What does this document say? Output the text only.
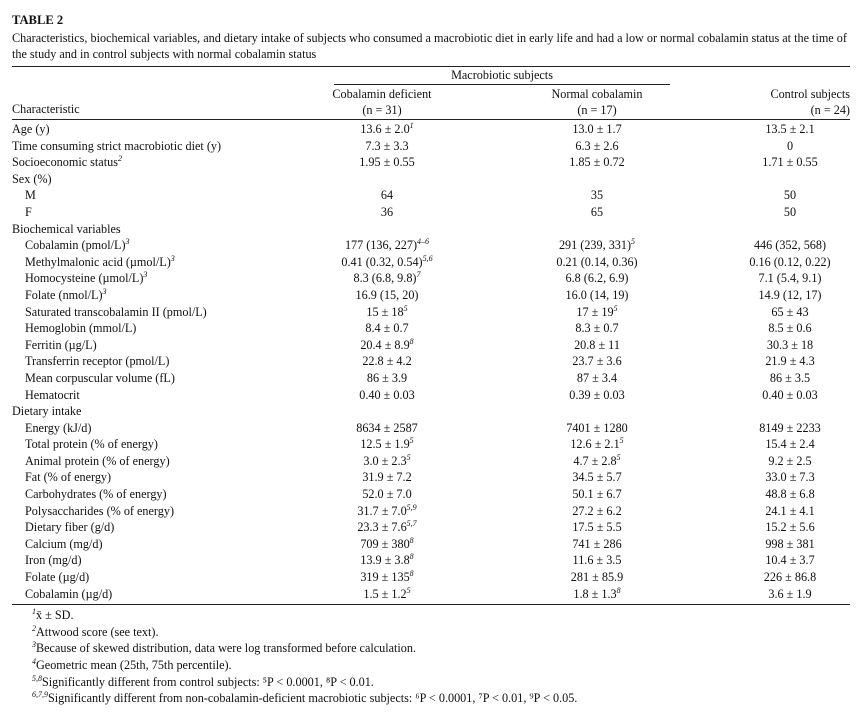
TABLE 2
Characteristics, biochemical variables, and dietary intake of subjects who consumed a macrobiotic diet in early life and had a low or normal cobalamin status at the time of the study and in control subjects with normal cobalamin status
Macrobiotic subjects
Characteristic
Cobalamin deficient
(n = 31)
Normal cobalamin
(n = 17)
Control subjects
(n = 24)
Age (y)	$13.6 \pm 2.0^1$	13.0 ± 1.7	13.5 ± 2.1
Time consuming strict macrobiotic diet (y)	7.3 ± 3.3	6.3 ± 2.6	0
Socioeconomic status$^2$	1.95 ± 0.55	1.85 ± 0.72	1.71 ± 0.55
Sex (%)
M	64	35	50
F	36	65	50
Biochemical variables
Cobalamin (pmol/L)$^3$	177 (136, 227)$^{4-6}$	291 (239, 331)$^5$	446 (352, 568)
Methylmalonic acid $(\mu mol/L)^3$	0.41 (0.32, 0.54)$^{5,6}$	0.21 (0.14, 0.36)	0.16 (0.12, 0.22)
Homocysteine $(\mu mol/L)^3$	8.3 (6.8, 9.8)$^7$	6.8 (6.2, 6.9)	7.1 (5.4, 9.1)
Folate (nmol/L)$^3$	16.9 (15, 20)	16.0 (14, 19)	14.9 (12, 17)
Saturated transcobalamin II (pmol/L)	$15 \pm 18^5$	$17 \pm 19^5$	65 ± 43
Hemoglobin (mmol/L)	8.4 ± 0.7	8.3 ± 0.7	8.5 ± 0.6
Ferritin (µg/L)	$20.4 \pm 8.9^8$	20.8 ± 11	30.3 ± 18
Transferrin receptor (pmol/L)	22.8 ± 4.2	23.7 ± 3.6	21.9 ± 4.3
Mean corpuscular volume (fL)	86 ± 3.9	87 ± 3.4	86 ± 3.5
Hematocrit	0.40 ± 0.03	0.39 ± 0.03	0.40 ± 0.03
Dietary intake
Energy (kJ/d)	8634 ± 2587	7401 ± 1280	8149 ± 2233
Total protein (% of energy)	$12.5 \pm 1.9^5$	$12.6 \pm 2.1^5$	15.4 ± 2.4
Animal protein (% of energy)	$3.0 \pm 2.3^5$	$4.7 \pm 2.8^5$	9.2 ± 2.5
Fat (% of energy)	31.9 ± 7.2	34.5 ± 5.7	33.0 ± 7.3
Carbohydrates (% of energy)	52.0 ± 7.0	50.1 ± 6.7	48.8 ± 6.8
Polysaccharides (% of energy)	$31.7 \pm 7.0^{5,9}$	27.2 ± 6.2	24.1 ± 4.1
Dietary fiber (g/d)	$23.3 \pm 7.6^{5,7}$	17.5 ± 5.5	15.2 ± 5.6
Calcium (mg/d)	$709 \pm 380^8$	741 ± 286	998 ± 381
Iron (mg/d)	$13.9 \pm 3.8^8$	11.6 ± 3.5	10.4 ± 3.7
Folate (µg/d)	$319 \pm 135^8$	281 ± 85.9	226 ± 86.8
Cobalamin (µg/d)	$1.5 \pm 1.2^5$	$1.8 \pm 1.3^8$	3.6 ± 1.9
$^1$x̄ ± SD.
$^2$Attwood score (see text).
$^3$Because of skewed distribution, data were log transformed before calculation.
$^4$Geometric mean (25th, 75th percentile).
$^{5,8}$Significantly different from control subjects: ⁵P < 0.0001, ⁸P < 0.01.
$^{6,7,9}$Significantly different from non-cobalamin-deficient macrobiotic subjects: ⁶P < 0.0001, ⁷P < 0.01, ⁹P < 0.05.
